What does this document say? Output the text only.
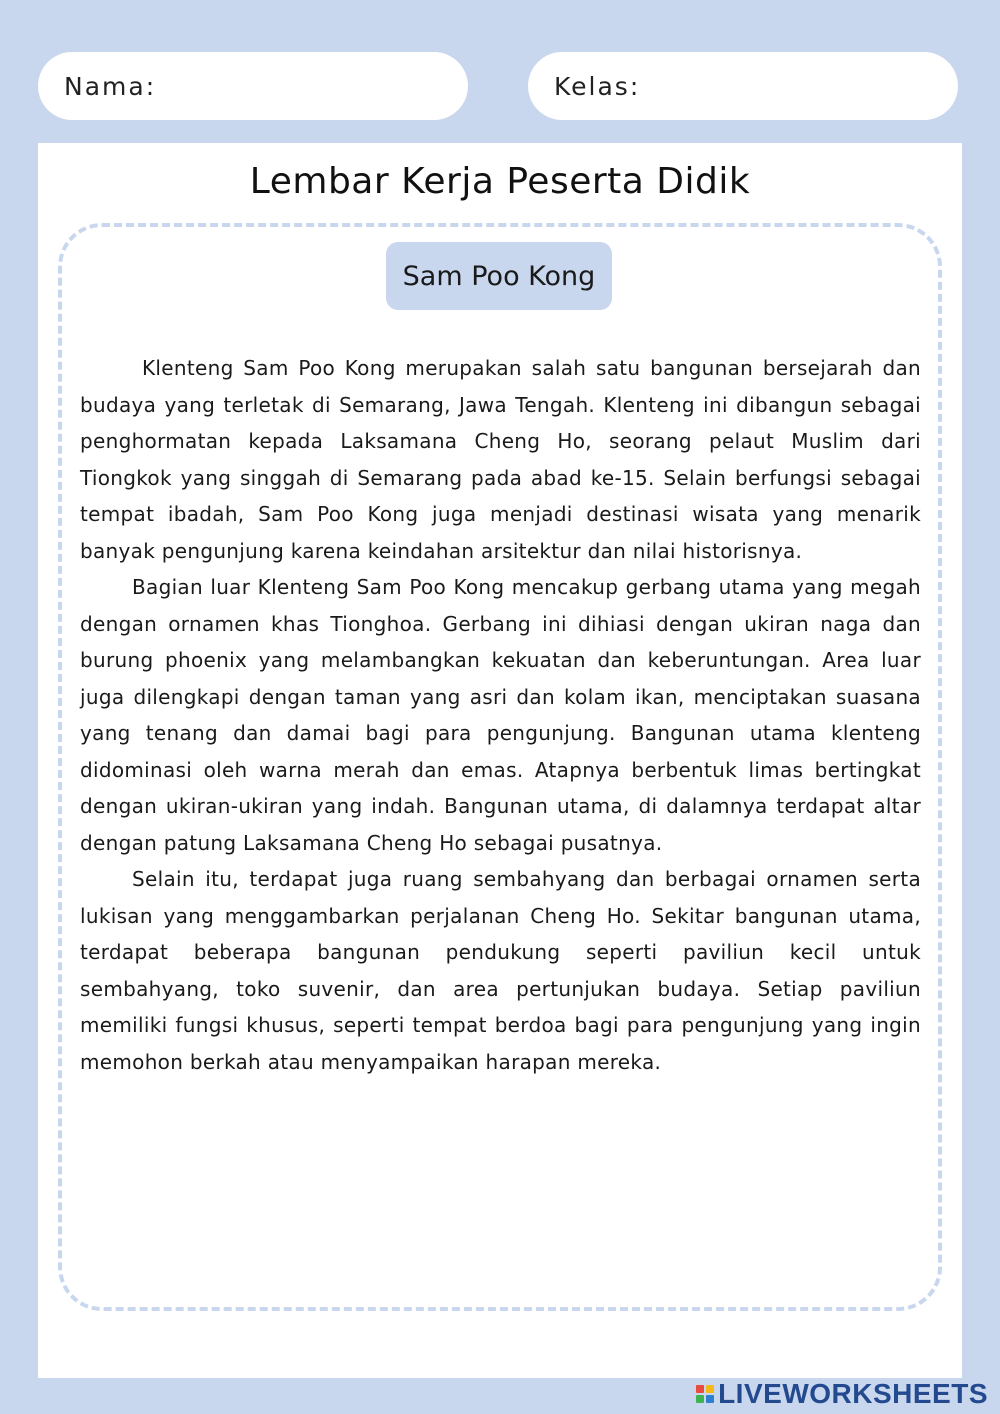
Nama:	Kelas:
Lembar Kerja Peserta Didik
Sam Poo Kong

Klenteng Sam Poo Kong merupakan salah satu bangunan bersejarah dan budaya yang terletak di Semarang, Jawa Tengah. Klenteng ini dibangun sebagai penghormatan kepada Laksamana Cheng Ho, seorang pelaut Muslim dari Tiongkok yang singgah di Semarang pada abad ke-15. Selain berfungsi sebagai tempat ibadah, Sam Poo Kong juga menjadi destinasi wisata yang menarik banyak pengunjung karena keindahan arsitektur dan nilai historisnya.

Bagian luar Klenteng Sam Poo Kong mencakup gerbang utama yang megah dengan ornamen khas Tionghoa. Gerbang ini dihiasi dengan ukiran naga dan burung phoenix yang melambangkan kekuatan dan keberuntungan. Area luar juga dilengkapi dengan taman yang asri dan kolam ikan, menciptakan suasana yang tenang dan damai bagi para pengunjung. Bangunan utama klenteng didominasi oleh warna merah dan emas. Atapnya berbentuk limas bertingkat dengan ukiran-ukiran yang indah. Bangunan utama, di dalamnya terdapat altar dengan patung Laksamana Cheng Ho sebagai pusatnya.

Selain itu, terdapat juga ruang sembahyang dan berbagai ornamen serta lukisan yang menggambarkan perjalanan Cheng Ho. Sekitar bangunan utama, terdapat beberapa bangunan pendukung seperti paviliun kecil untuk sembahyang, toko suvenir, dan area pertunjukan budaya. Setiap paviliun memiliki fungsi khusus, seperti tempat berdoa bagi para pengunjung yang ingin memohon berkah atau menyampaikan harapan mereka.

LIVEWORKSHEETS
